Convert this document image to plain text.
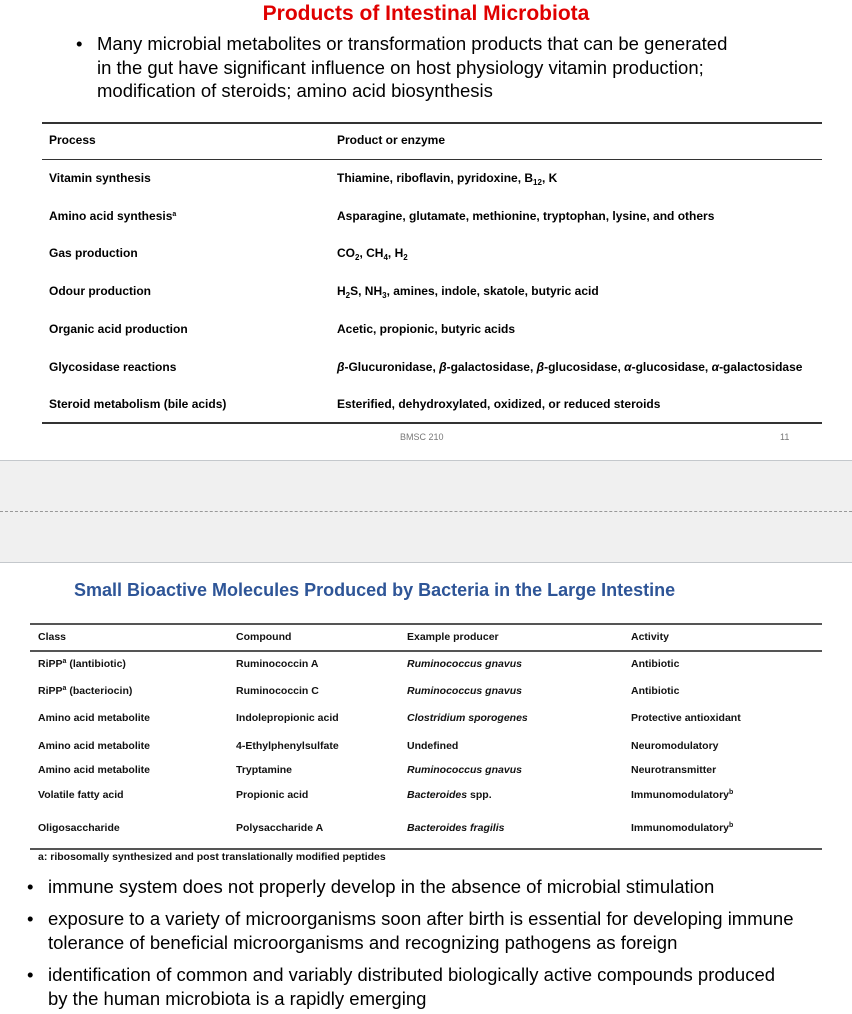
Products of Intestinal Microbiota
• Many microbial metabolites or transformation products that can be generated
in the gut have significant influence on host physiology vitamin production;
modification of steroids; amino acid biosynthesis
Process	Product or enzyme
Vitamin synthesis	Thiamine, riboflavin, pyridoxine, $B_{12}$, K
Amino acid synthesis$^a$	Asparagine, glutamate, methionine, tryptophan, lysine, and others
Gas production	$CO_2$, $CH_4$, $H_2$
Odour production	$H_2S$, $NH_3$, amines, indole, skatole, butyric acid
Organic acid production	Acetic, propionic, butyric acids
Glycosidase reactions	β-Glucuronidase, β-galactosidase, β-glucosidase, α-glucosidase, α-galactosidase
Steroid metabolism (bile acids)	Esterified, dehydroxylated, oxidized, or reduced steroids
BMSC 210	11
Small Bioactive Molecules Produced by Bacteria in the Large Intestine
Class	Compound	Example producer	Activity
RiPP$^a$ (lantibiotic)	Ruminococcin A	Ruminococcus gnavus	Antibiotic
RiPP$^a$ (bacteriocin)	Ruminococcin C	Ruminococcus gnavus	Antibiotic
Amino acid metabolite	Indolepropionic acid	Clostridium sporogenes	Protective antioxidant
Amino acid metabolite	4-Ethylphenylsulfate	Undefined	Neuromodulatory
Amino acid metabolite	Tryptamine	Ruminococcus gnavus	Neurotransmitter
Volatile fatty acid	Propionic acid	Bacteroides spp.	Immunomodulatory$^b$
Oligosaccharide	Polysaccharide A	Bacteroides fragilis	Immunomodulatory$^b$
a: ribosomally synthesized and post translationally modified peptides
• immune system does not properly develop in the absence of microbial stimulation
• exposure to a variety of microorganisms soon after birth is essential for developing immune
tolerance of beneficial microorganisms and recognizing pathogens as foreign
• identification of common and variably distributed biologically active compounds produced
by the human microbiota is a rapidly emerging
